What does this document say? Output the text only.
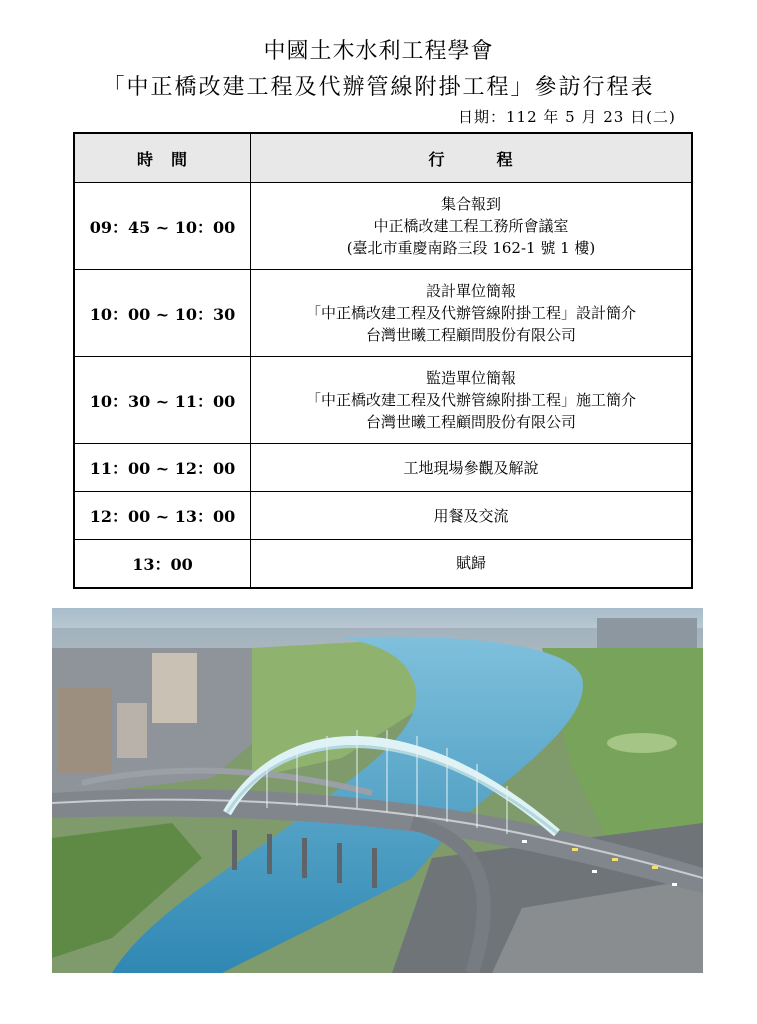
中國土木水利工程學會
「中正橋改建工程及代辦管線附掛工程」參訪行程表
日期：112 年 5 月 23 日(二)
時　間	行　　　程
09：45 ~ 10：00	集合報到
中正橋改建工程工務所會議室
(臺北市重慶南路三段 162-1 號 1 樓)

10：00 ~ 10：30	設計單位簡報
「中正橋改建工程及代辦管線附掛工程」設計簡介
台灣世曦工程顧問股份有限公司

10：30 ~ 11：00	監造單位簡報
「中正橋改建工程及代辦管線附掛工程」施工簡介
台灣世曦工程顧問股份有限公司

11：00 ~ 12：00	工地現場參觀及解說

12：00 ~ 13：00	用餐及交流

13：00	賦歸
